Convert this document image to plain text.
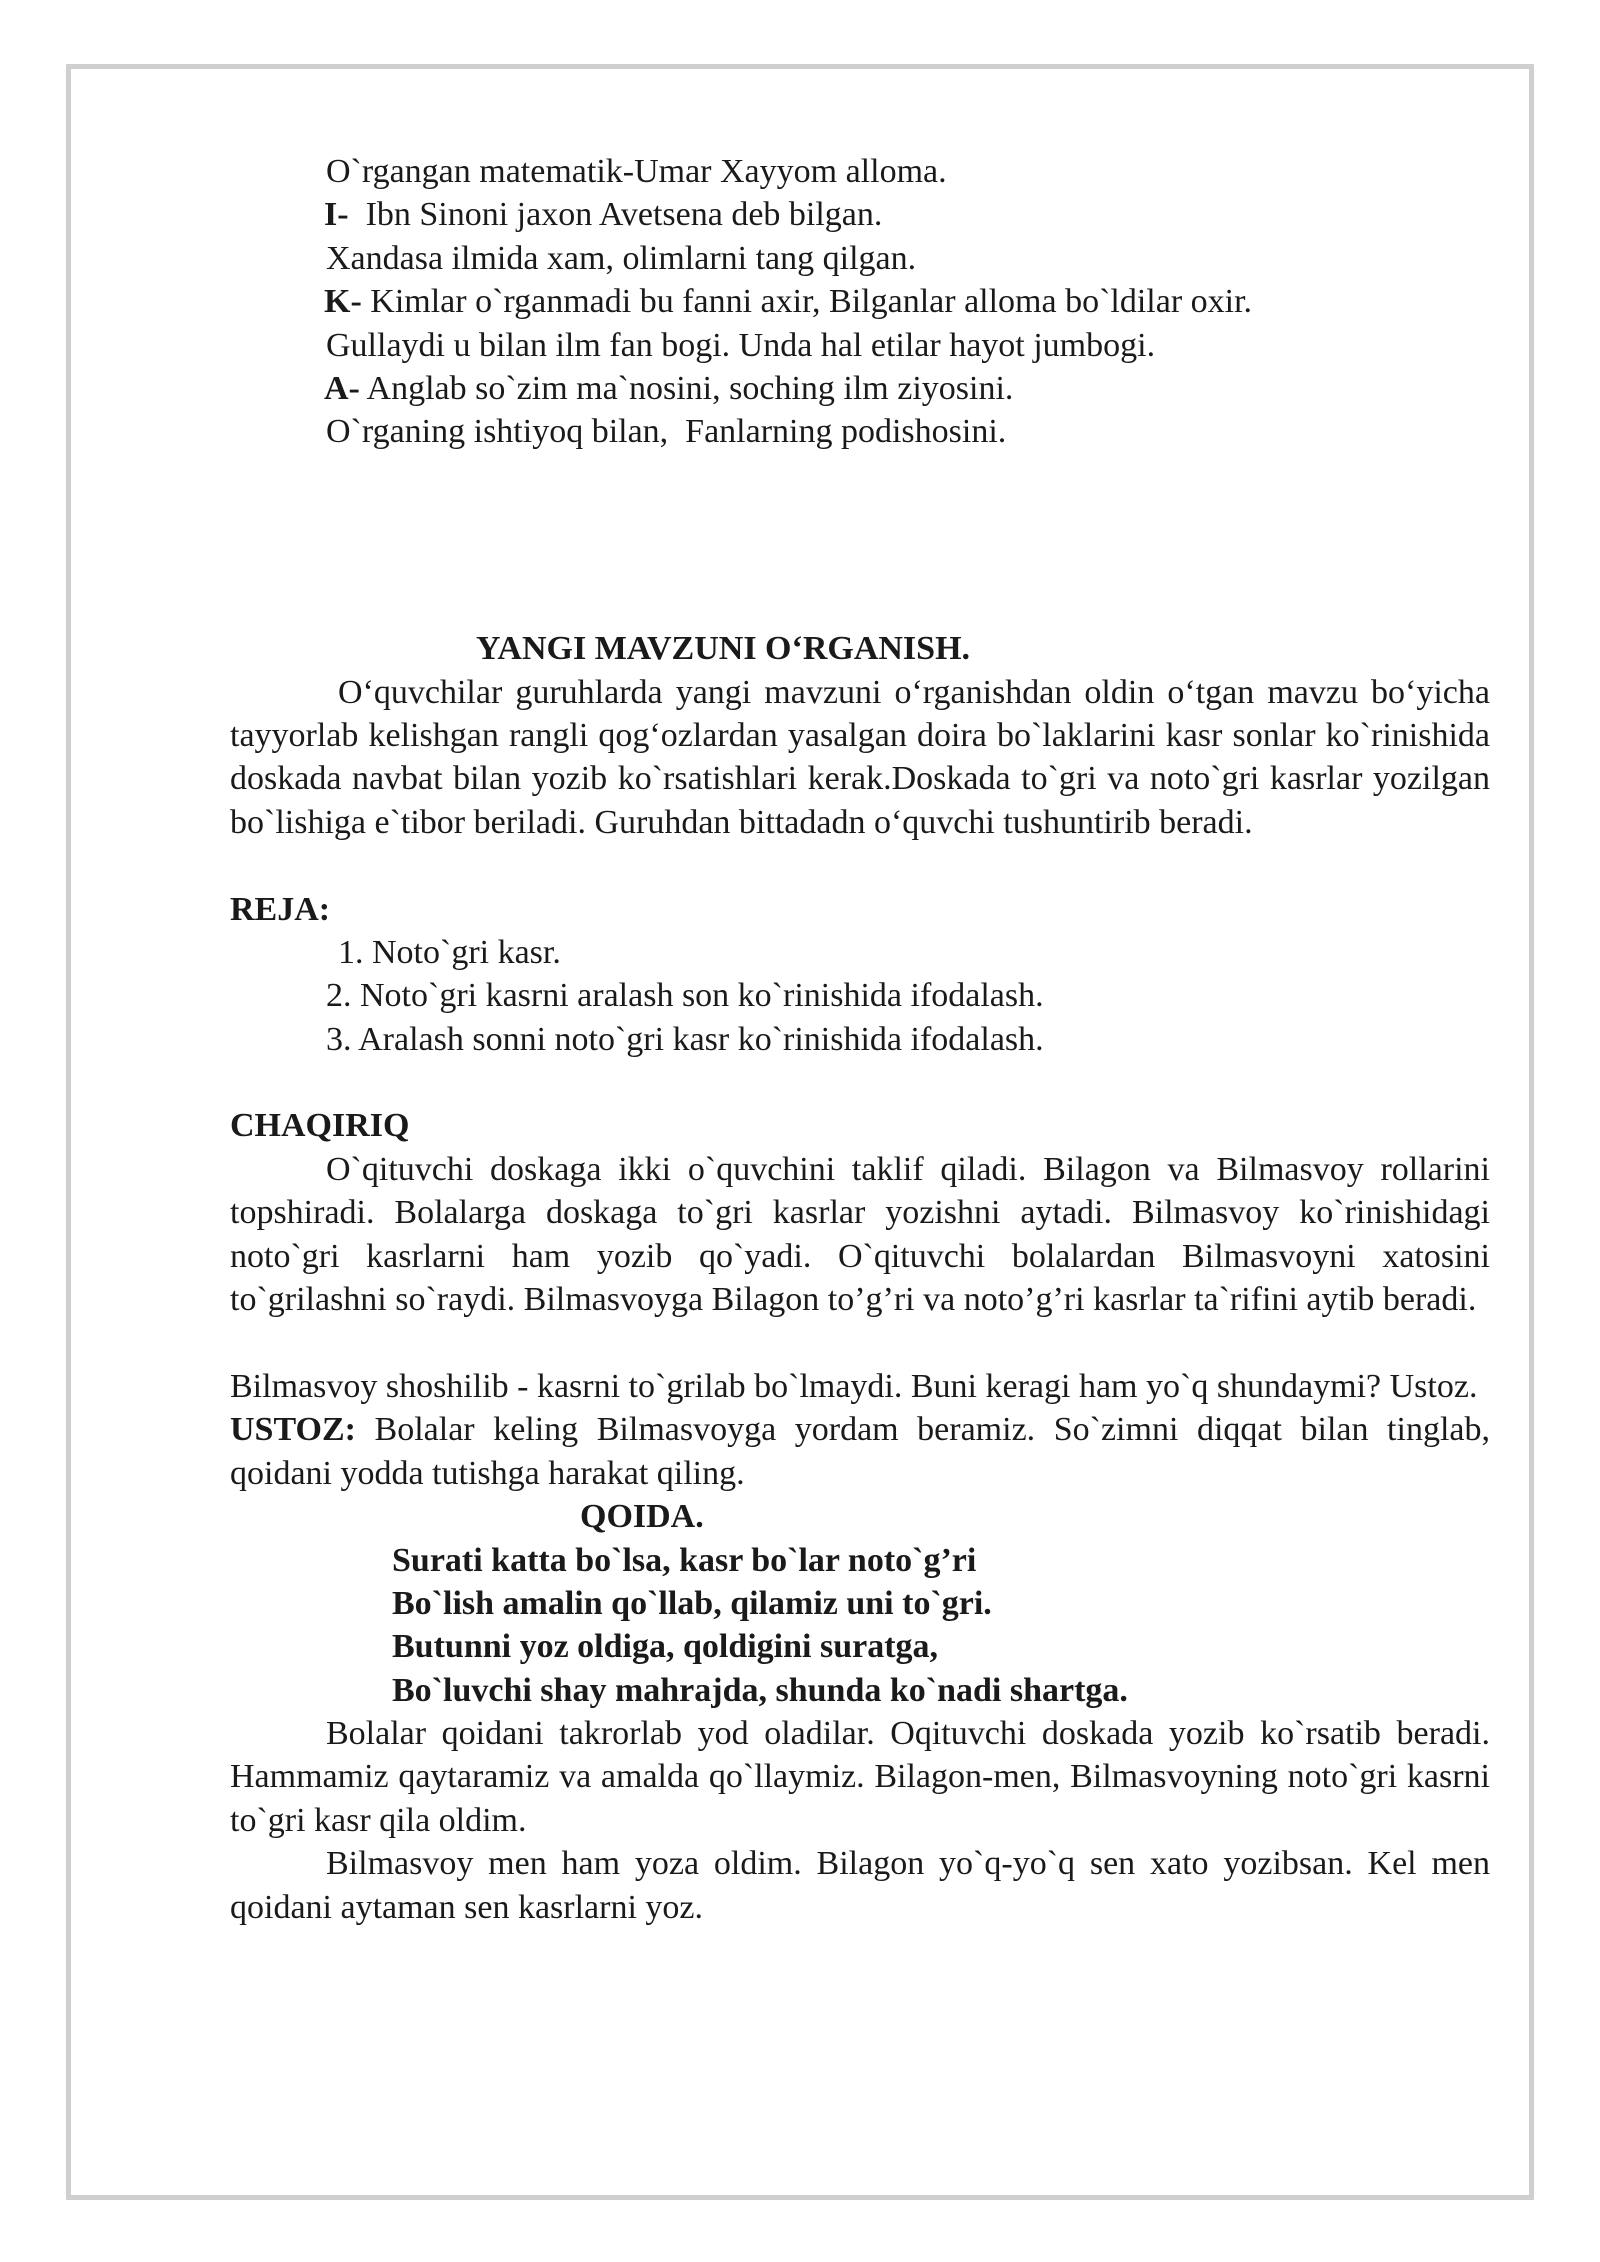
O`rgangan matematik-Umar Xayyom alloma.
I- Ibn Sinoni jaxon Avetsena deb bilgan.
Xandasa ilmida xam, olimlarni tang qilgan.
K- Kimlar o`rganmadi bu fanni axir, Bilganlar alloma bo`ldilar oxir.
Gullaydi u bilan ilm fan bogi. Unda hal etilar hayot jumbogi.
A- Anglab so`zim ma`nosini, soching ilm ziyosini.
O`rganing ishtiyoq bilan,  Fanlarning podishosini.
YANGI MAVZUNI O‘RGANISH.
O‘quvchilar guruhlarda yangi mavzuni o‘rganishdan oldin o‘tgan mavzu bo‘yicha tayyorlab kelishgan rangli qog‘ozlardan yasalgan doira bo`laklarini kasr sonlar ko`rinishida doskada navbat bilan yozib ko`rsatishlari kerak.Doskada to`gri va noto`gri kasrlar yozilgan bo`lishiga e`tibor beriladi. Guruhdan bittadadn o‘quvchi tushuntirib beradi.
REJA:
1. Noto`gri kasr.
2. Noto`gri kasrni aralash son ko`rinishida ifodalash.
3. Aralash sonni noto`gri kasr ko`rinishida ifodalash.
CHAQIRIQ
O`qituvchi doskaga ikki o`quvchini taklif qiladi. Bilagon va Bilmasvoy rollarini topshiradi. Bolalarga doskaga to`gri kasrlar yozishni aytadi. Bilmasvoy ko`rinishidagi noto`gri kasrlarni ham yozib qo`yadi. O`qituvchi bolalardan Bilmasvoyni xatosini to`grilashni so`raydi. Bilmasvoyga Bilagon to’g’ri va noto’g’ri kasrlar ta`rifini aytib beradi.
Bilmasvoy shoshilib - kasrni to`grilab bo`lmaydi. Buni keragi ham yo`q shundaymi? Ustoz.
USTOZ: Bolalar keling Bilmasvoyga yordam beramiz. So`zimni diqqat bilan tinglab, qoidani yodda tutishga harakat qiling.
QOIDA.
Surati katta bo`lsa, kasr bo`lar noto`g’ri
Bo`lish amalin qo`llab, qilamiz uni to`gri.
Butunni yoz oldiga, qoldigini suratga,
Bo`luvchi shay mahrajda, shunda ko`nadi shartga.
Bolalar qoidani takrorlab yod oladilar. Oqituvchi doskada yozib ko`rsatib beradi. Hammamiz qaytaramiz va amalda qo`llaymiz. Bilagon-men, Bilmasvoyning noto`gri kasrni to`gri kasr qila oldim.
Bilmasvoy men ham yoza oldim. Bilagon yo`q-yo`q sen xato yozibsan. Kel men qoidani aytaman sen kasrlarni yoz.
